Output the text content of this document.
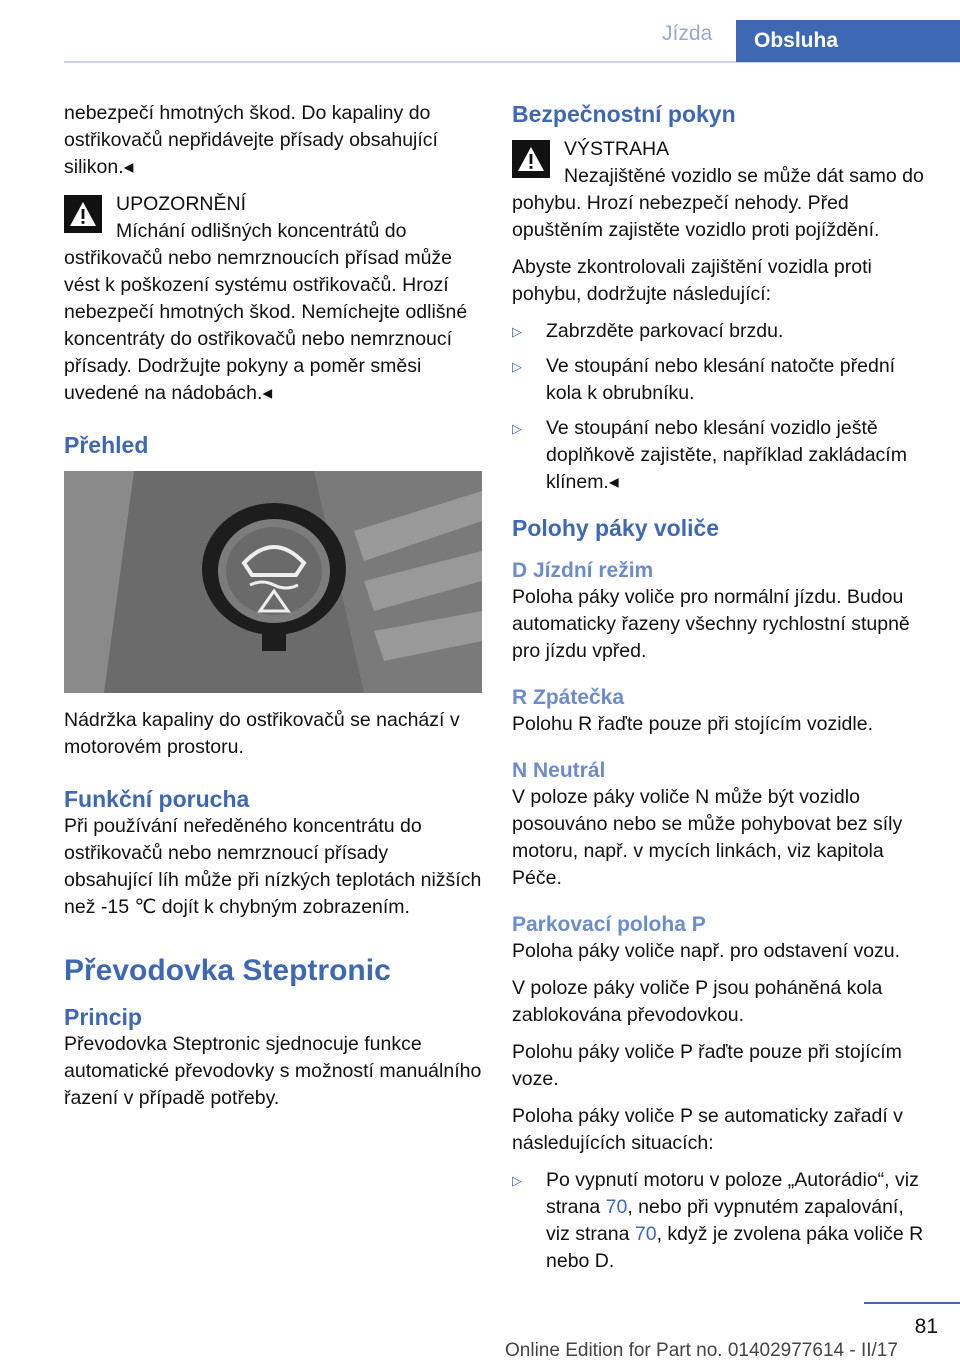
Jízda	Obsluha

nebezpečí hmotných škod. Do kapaliny do ostřikovačů nepřidávejte přísady obsahující silikon.◂

UPOZORNĚNÍ
Míchání odlišných koncentrátů do ostřikovačů nebo nemrznoucích přísad může vést k poškození systému ostřikovačů. Hrozí nebezpečí hmotných škod. Nemíchejte odlišné koncentráty do ostřikovačů nebo nemrznoucí přísady. Dodržujte pokyny a poměr směsi uvedené na nádobách.◂
Přehled

Nádržka kapaliny do ostřikovačů se nachází v motorovém prostoru.

Funkční porucha

Při používání neředěného koncentrátu do ostřikovačů nebo nemrznoucí přísady obsahující líh může při nízkých teplotách nižších než -15 ℃ dojít k chybným zobrazením.

Převodovka Steptronic
Princip

Převodovka Steptronic sjednocuje funkce automatické převodovky s možností manuálního řazení v případě potřeby.

Bezpečnostní pokyn
VÝSTRAHA
Nezajištěné vozidlo se může dát samo do pohybu. Hrozí nebezpečí nehody. Před opuštěním zajistěte vozidlo proti pojíždění.

Abyste zkontrolovali zajištění vozidla proti pohybu, dodržujte následující:

▷ Zabrzděte parkovací brzdu.
▷ Ve stoupání nebo klesání natočte přední kola k obrubníku.
▷ Ve stoupání nebo klesání vozidlo ještě doplňkově zajistěte, například zakládacím klínem.◂
Polohy páky voliče
D Jízdní režim

Poloha páky voliče pro normální jízdu. Budou automaticky řazeny všechny rychlostní stupně pro jízdu vpřed.

R Zpátečka

Polohu R řaďte pouze při stojícím vozidle.

N Neutrál

V poloze páky voliče N může být vozidlo posouváno nebo se může pohybovat bez síly motoru, např. v mycích linkách, viz kapitola Péče.

Parkovací poloha P

Poloha páky voliče např. pro odstavení vozu.

V poloze páky voliče P jsou poháněná kola zablokována převodovkou.

Polohu páky voliče P řaďte pouze při stojícím voze.

Poloha páky voliče P se automaticky zařadí v následujících situacích:

▷ Po vypnutí motoru v poloze „Autorádio“, viz strana 70, nebo při vypnutém zapalování, viz strana 70, když je zvolena páka voliče R nebo D.
81
Online Edition for Part no. 01402977614 - II/17
